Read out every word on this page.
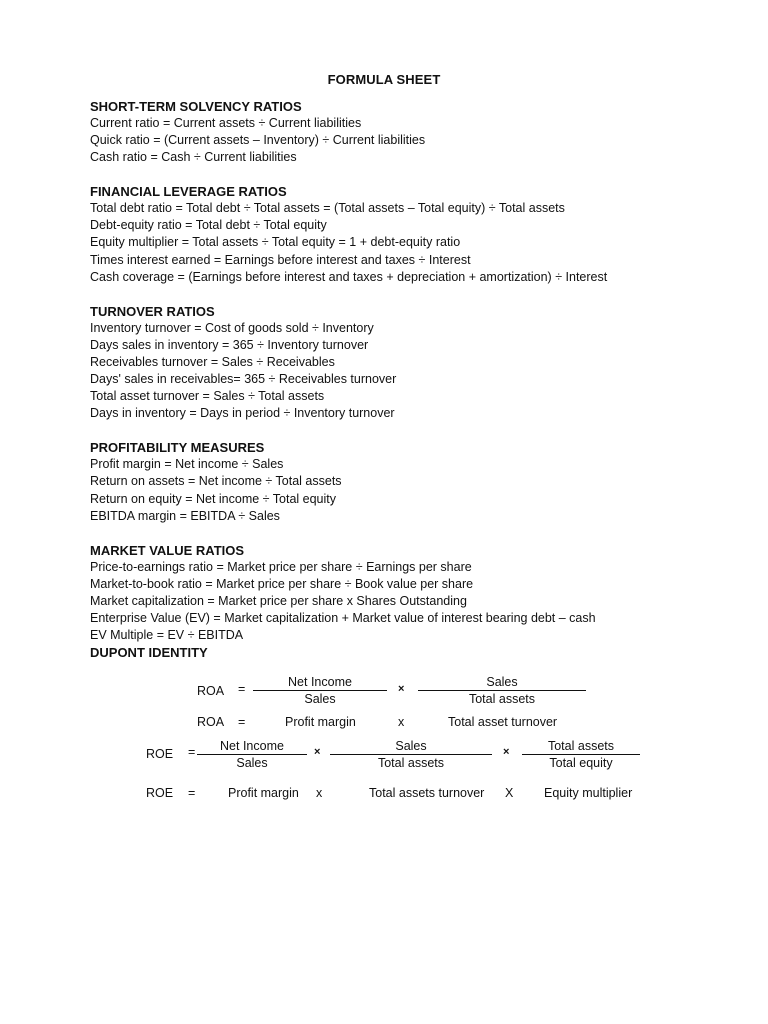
FORMULA SHEET
SHORT-TERM SOLVENCY RATIOS
Current ratio = Current assets ÷ Current liabilities
Quick ratio = (Current assets – Inventory) ÷ Current liabilities
Cash ratio = Cash ÷ Current liabilities
FINANCIAL LEVERAGE RATIOS
Total debt ratio = Total debt ÷ Total assets = (Total assets – Total equity) ÷ Total assets
Debt-equity ratio = Total debt ÷ Total equity
Equity multiplier = Total assets ÷ Total equity = 1 + debt-equity ratio
Times interest earned = Earnings before interest and taxes ÷ Interest
Cash coverage = (Earnings before interest and taxes + depreciation + amortization) ÷ Interest
TURNOVER RATIOS
Inventory turnover = Cost of goods sold ÷ Inventory
Days sales in inventory = 365 ÷ Inventory turnover
Receivables turnover = Sales ÷ Receivables
Days' sales in receivables= 365 ÷ Receivables turnover
Total asset turnover = Sales ÷ Total assets
Days in inventory = Days in period ÷ Inventory turnover
PROFITABILITY MEASURES
Profit margin = Net income ÷ Sales
Return on assets = Net income ÷ Total assets
Return on equity = Net income ÷ Total equity
EBITDA margin = EBITDA ÷ Sales
MARKET VALUE RATIOS
Price-to-earnings ratio = Market price per share ÷ Earnings per share
Market-to-book ratio = Market price per share ÷ Book value per share
Market capitalization = Market price per share x Shares Outstanding
Enterprise Value (EV) = Market capitalization + Market value of interest bearing debt – cash
EV Multiple = EV ÷ EBITDA
DUPONT IDENTITY
ROA =	Net Income
Sales
×	Sales
Total assets
ROA =	Profit margin	x	Total asset turnover
ROE =	Net Income
Sales
×	Sales
Total assets
×	Total assets
Total equity
ROE =	Profit margin x	Total assets turnover X Equity multiplier
